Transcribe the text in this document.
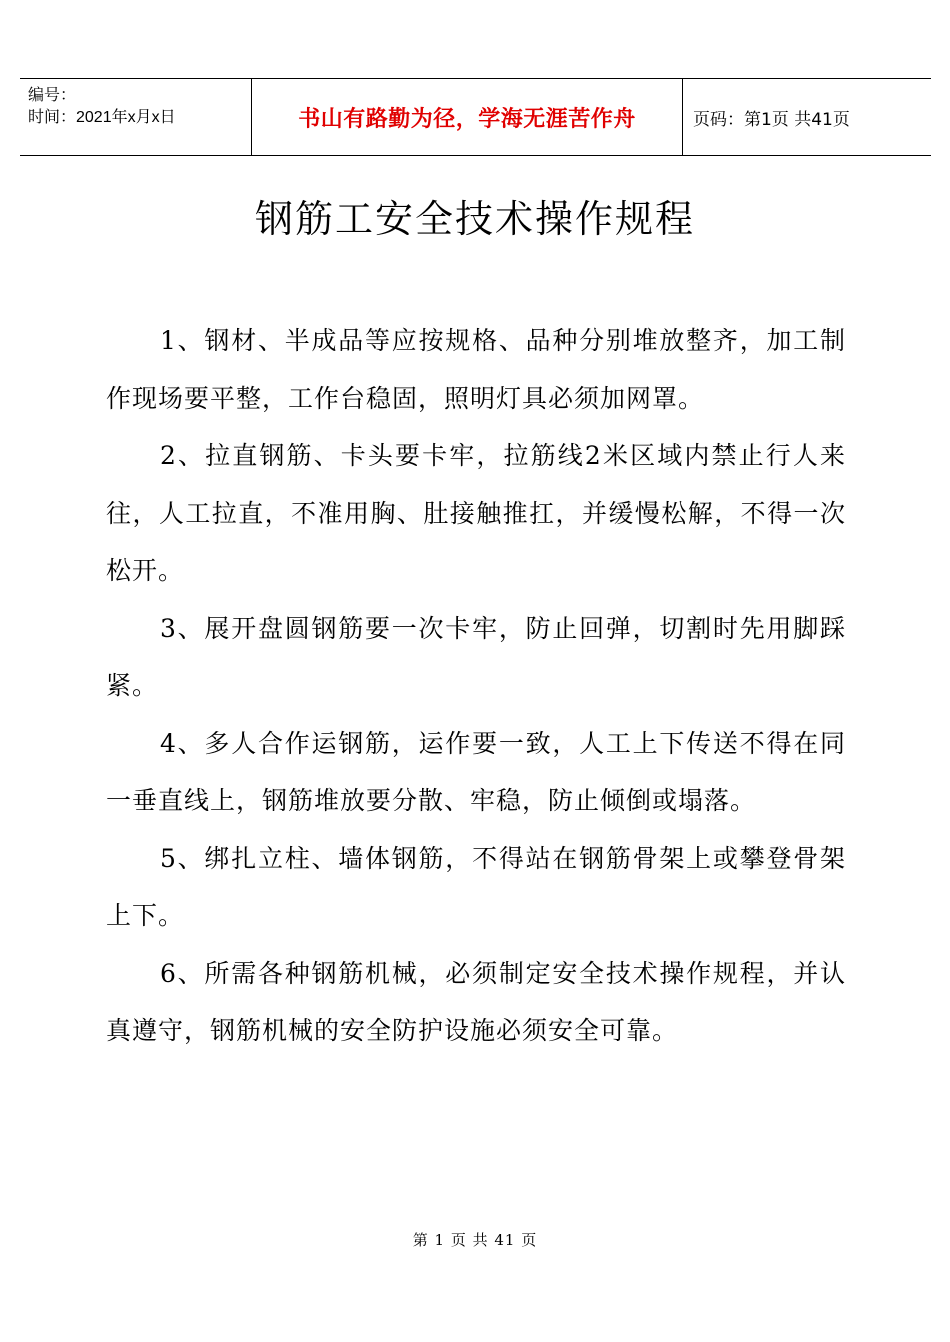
编号：
时间：2021年x月x日	书山有路勤为径，学海无涯苦作舟	页码：第1页 共41页
钢筋工安全技术操作规程

1、钢材、半成品等应按规格、品种分别堆放整齐，加工制作现场要平整，工作台稳固，照明灯具必须加网罩。

2、拉直钢筋、卡头要卡牢，拉筋线2米区域内禁止行人来往，人工拉直，不准用胸、肚接触推扛，并缓慢松解，不得一次松开。

3、展开盘圆钢筋要一次卡牢，防止回弹，切割时先用脚踩紧。

4、多人合作运钢筋，运作要一致，人工上下传送不得在同一垂直线上，钢筋堆放要分散、牢稳，防止倾倒或塌落。

5、绑扎立柱、墙体钢筋，不得站在钢筋骨架上或攀登骨架上下。

6、所需各种钢筋机械，必须制定安全技术操作规程，并认真遵守，钢筋机械的安全防护设施必须安全可靠。

第 1 页 共 41 页
